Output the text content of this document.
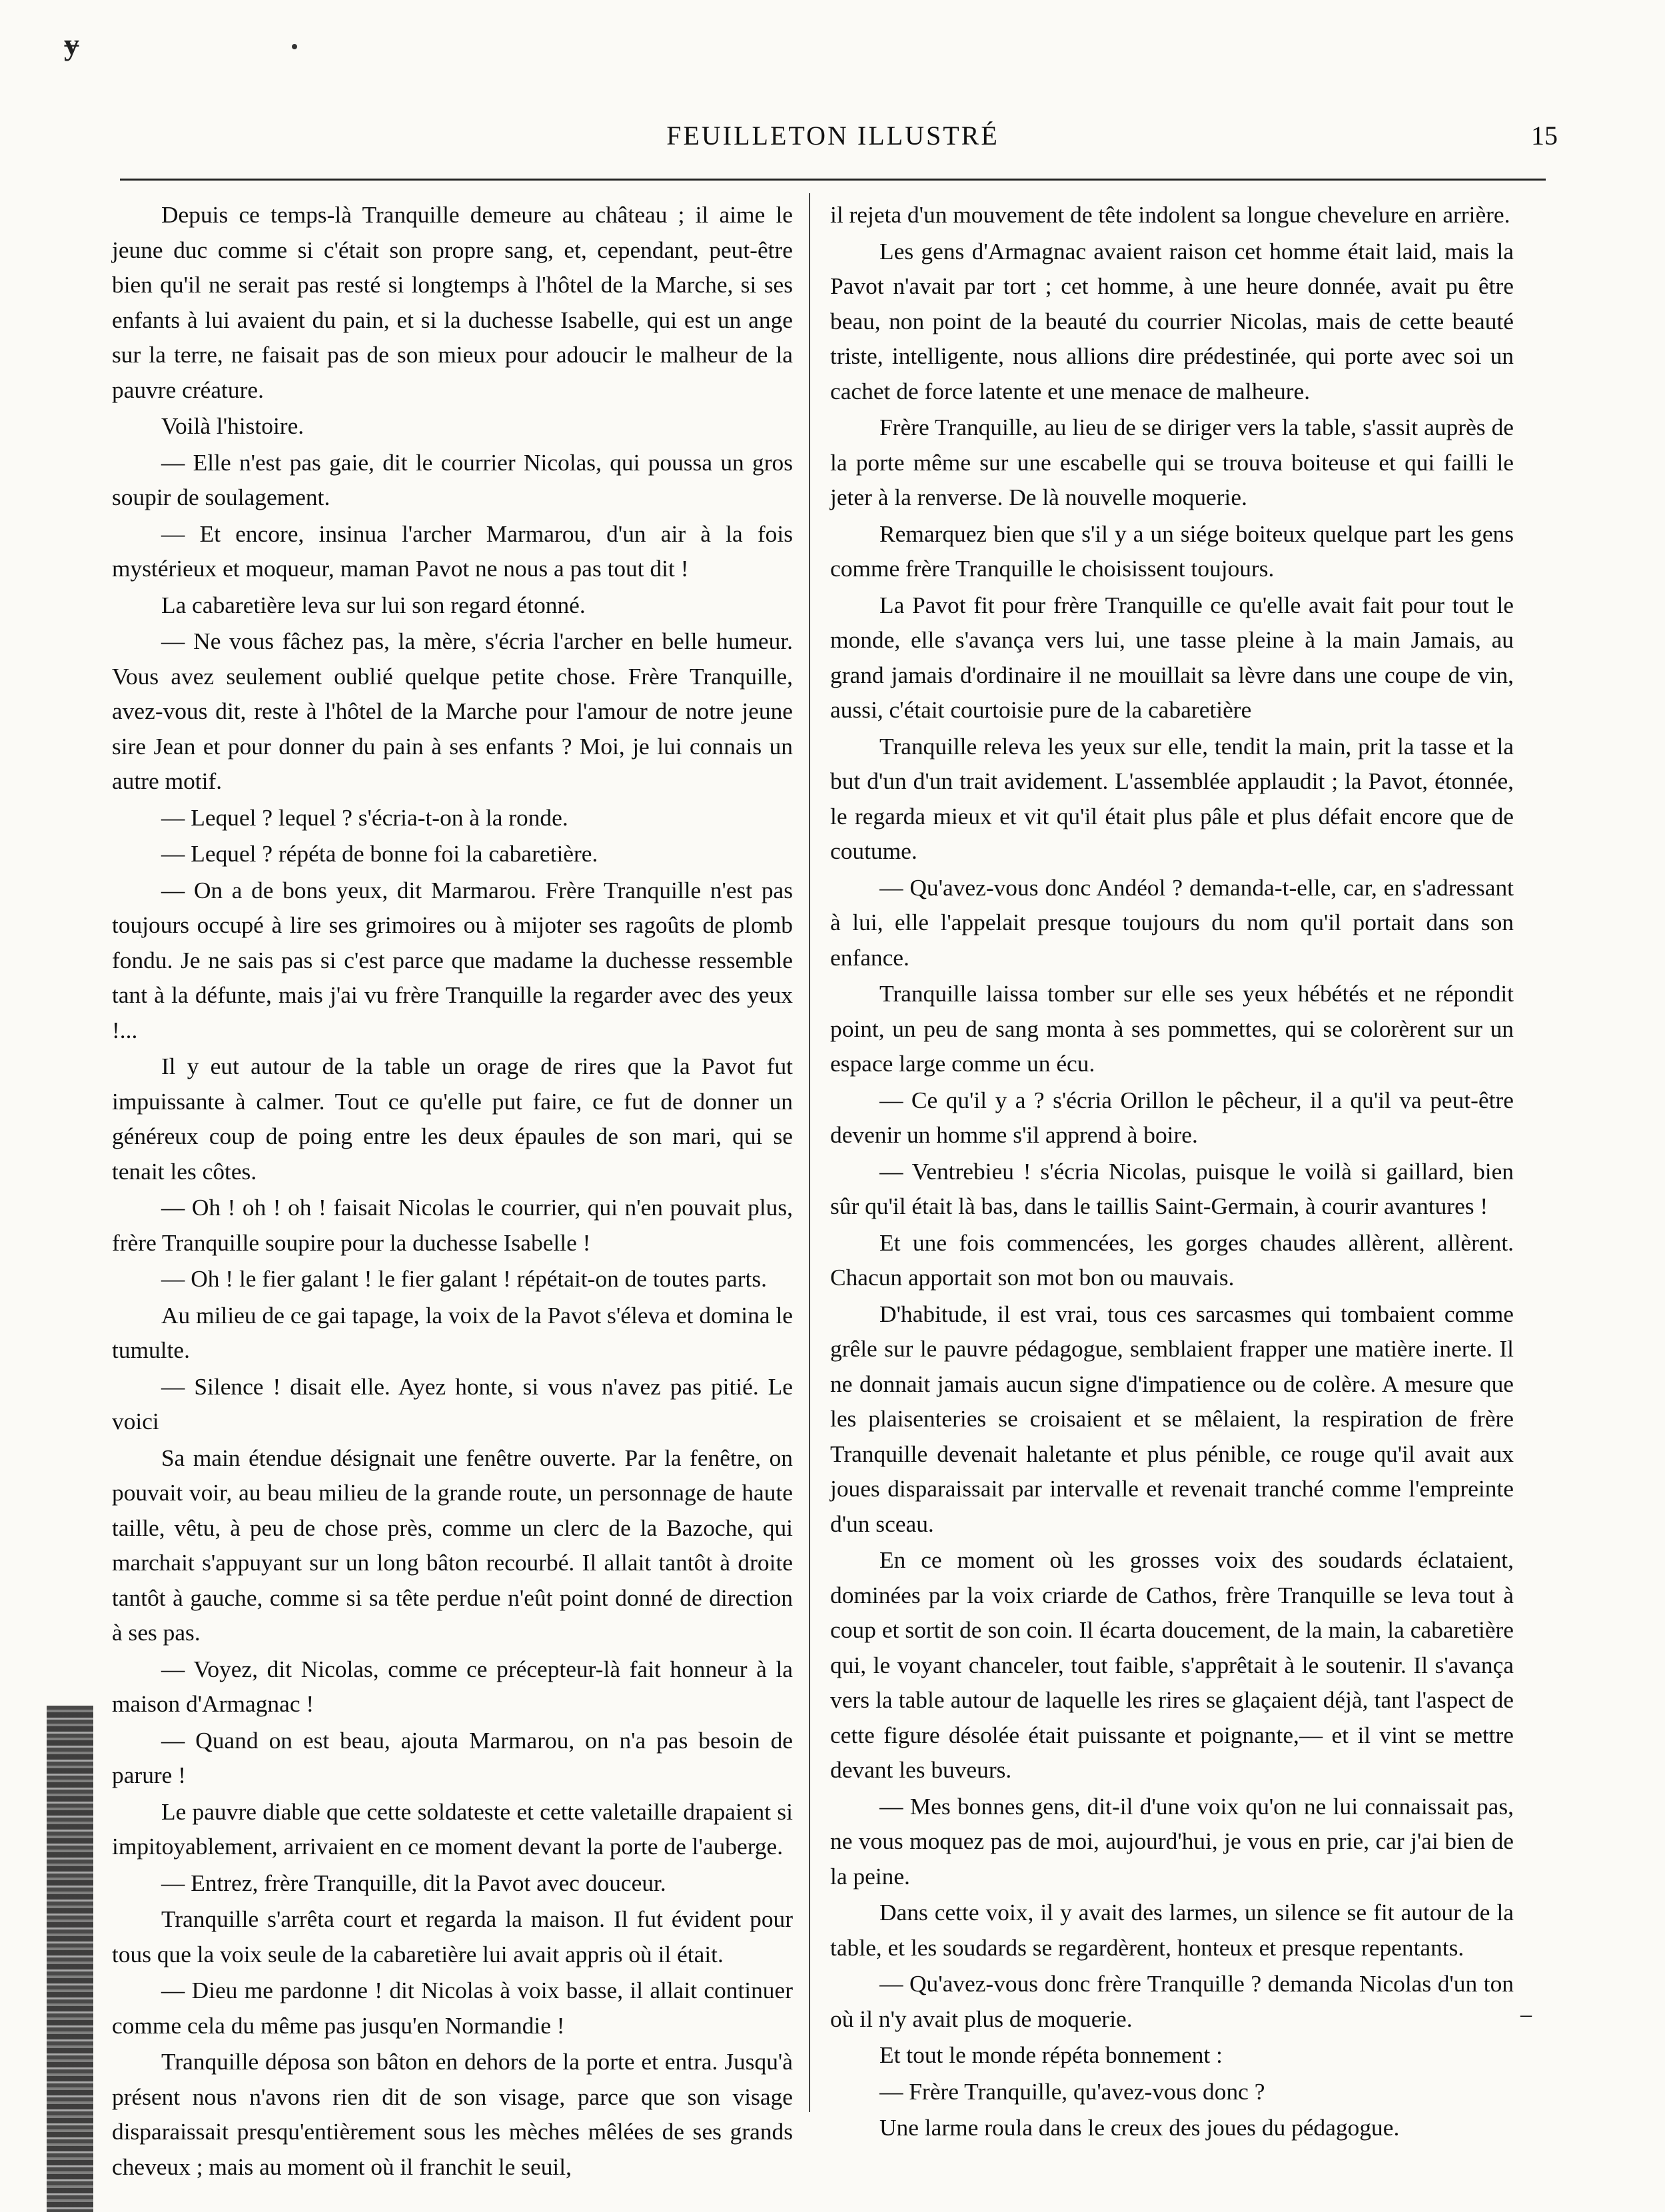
ɏ
FEUILLETON ILLUSTRÉ	15

Depuis ce temps-là Tranquille demeure au château ; il aime le jeune duc comme si c'était son propre sang, et, cependant, peut-être bien qu'il ne serait pas resté si longtemps à l'hôtel de la Marche, si ses enfants à lui avaient du pain, et si la duchesse Isabelle, qui est un ange sur la terre, ne faisait pas de son mieux pour adoucir le malheur de la pauvre créature.

Voilà l'histoire.

— Elle n'est pas gaie, dit le courrier Nicolas, qui poussa un gros soupir de soulagement.

— Et encore, insinua l'archer Marmarou, d'un air à la fois mystérieux et moqueur, maman Pavot ne nous a pas tout dit !

La cabaretière leva sur lui son regard étonné.

— Ne vous fâchez pas, la mère, s'écria l'archer en belle humeur. Vous avez seulement oublié quelque petite chose. Frère Tranquille, avez-vous dit, reste à l'hôtel de la Marche pour l'amour de notre jeune sire Jean et pour donner du pain à ses enfants ? Moi, je lui connais un autre motif.

— Lequel ? lequel ? s'écria-t-on à la ronde.

— Lequel ? répéta de bonne foi la cabaretière.

— On a de bons yeux, dit Marmarou. Frère Tranquille n'est pas toujours occupé à lire ses grimoires ou à mijoter ses ragoûts de plomb fondu. Je ne sais pas si c'est parce que madame la duchesse ressemble tant à la défunte, mais j'ai vu frère Tranquille la regarder avec des yeux !...

Il y eut autour de la table un orage de rires que la Pavot fut impuissante à calmer. Tout ce qu'elle put faire, ce fut de donner un généreux coup de poing entre les deux épaules de son mari, qui se tenait les côtes.

— Oh ! oh ! oh ! faisait Nicolas le courrier, qui n'en pouvait plus, frère Tranquille soupire pour la duchesse Isabelle !

— Oh ! le fier galant ! le fier galant ! répétait-on de toutes parts.

Au milieu de ce gai tapage, la voix de la Pavot s'éleva et domina le tumulte.

— Silence ! disait elle. Ayez honte, si vous n'avez pas pitié. Le voici

Sa main étendue désignait une fenêtre ouverte. Par la fenêtre, on pouvait voir, au beau milieu de la grande route, un personnage de haute taille, vêtu, à peu de chose près, comme un clerc de la Bazoche, qui marchait s'appuyant sur un long bâton recourbé. Il allait tantôt à droite tantôt à gauche, comme si sa tête perdue n'eût point donné de direction à ses pas.

— Voyez, dit Nicolas, comme ce précepteur-là fait honneur à la maison d'Armagnac !

— Quand on est beau, ajouta Marmarou, on n'a pas besoin de parure !

Le pauvre diable que cette soldateste et cette valetaille drapaient si impitoyablement, arrivaient en ce moment devant la porte de l'auberge.

— Entrez, frère Tranquille, dit la Pavot avec douceur.

Tranquille s'arrêta court et regarda la maison. Il fut évident pour tous que la voix seule de la cabaretière lui avait appris où il était.

— Dieu me pardonne ! dit Nicolas à voix basse, il allait continuer comme cela du même pas jusqu'en Normandie !

Tranquille déposa son bâton en dehors de la porte et entra. Jusqu'à présent nous n'avons rien dit de son visage, parce que son visage disparaissait presqu'entièrement sous les mèches mêlées de ses grands cheveux ; mais au moment où il franchit le seuil,

il rejeta d'un mouvement de tête indolent sa longue chevelure en arrière.

Les gens d'Armagnac avaient raison cet homme était laid, mais la Pavot n'avait par tort ; cet homme, à une heure donnée, avait pu être beau, non point de la beauté du courrier Nicolas, mais de cette beauté triste, intelligente, nous allions dire prédestinée, qui porte avec soi un cachet de force latente et une menace de malheure.

Frère Tranquille, au lieu de se diriger vers la table, s'assit auprès de la porte même sur une escabelle qui se trouva boiteuse et qui failli le jeter à la renverse. De là nouvelle moquerie.

Remarquez bien que s'il y a un siége boiteux quelque part les gens comme frère Tranquille le choisissent toujours.

La Pavot fit pour frère Tranquille ce qu'elle avait fait pour tout le monde, elle s'avança vers lui, une tasse pleine à la main Jamais, au grand jamais d'ordinaire il ne mouillait sa lèvre dans une coupe de vin, aussi, c'était courtoisie pure de la cabaretière

Tranquille releva les yeux sur elle, tendit la main, prit la tasse et la but d'un d'un trait avidement. L'assemblée applaudit ; la Pavot, étonnée, le regarda mieux et vit qu'il était plus pâle et plus défait encore que de coutume.

— Qu'avez-vous donc Andéol ? demanda-t-elle, car, en s'adressant à lui, elle l'appelait presque toujours du nom qu'il portait dans son enfance.

Tranquille laissa tomber sur elle ses yeux hébétés et ne répondit point, un peu de sang monta à ses pommettes, qui se colorèrent sur un espace large comme un écu.

— Ce qu'il y a ? s'écria Orillon le pêcheur, il a qu'il va peut-être devenir un homme s'il apprend à boire.

— Ventrebieu ! s'écria Nicolas, puisque le voilà si gaillard, bien sûr qu'il était là bas, dans le taillis Saint-Germain, à courir avantures !

Et une fois commencées, les gorges chaudes allèrent, allèrent. Chacun apportait son mot bon ou mauvais.

D'habitude, il est vrai, tous ces sarcasmes qui tombaient comme grêle sur le pauvre pédagogue, semblaient frapper une matière inerte. Il ne donnait jamais aucun signe d'impatience ou de colère. A mesure que les plaisenteries se croisaient et se mêlaient, la respiration de frère Tranquille devenait haletante et plus pénible, ce rouge qu'il avait aux joues disparaissait par intervalle et revenait tranché comme l'empreinte d'un sceau.

En ce moment où les grosses voix des soudards éclataient, dominées par la voix criarde de Cathos, frère Tranquille se leva tout à coup et sortit de son coin. Il écarta doucement, de la main, la cabaretière qui, le voyant chanceler, tout faible, s'apprêtait à le soutenir. Il s'avança vers la table autour de laquelle les rires se glaçaient déjà, tant l'aspect de cette figure désolée était puissante et poignante,— et il vint se mettre devant les buveurs.

— Mes bonnes gens, dit-il d'une voix qu'on ne lui connaissait pas, ne vous moquez pas de moi, aujourd'hui, je vous en prie, car j'ai bien de la peine.

Dans cette voix, il y avait des larmes, un silence se fit autour de la table, et les soudards se regardèrent, honteux et presque repentants.

— Qu'avez-vous donc frère Tranquille ? demanda Nicolas d'un ton où il n'y avait plus de moquerie.

Et tout le monde répéta bonnement :

— Frère Tranquille, qu'avez-vous donc ?

Une larme roula dans le creux des joues du pédagogue.

–
